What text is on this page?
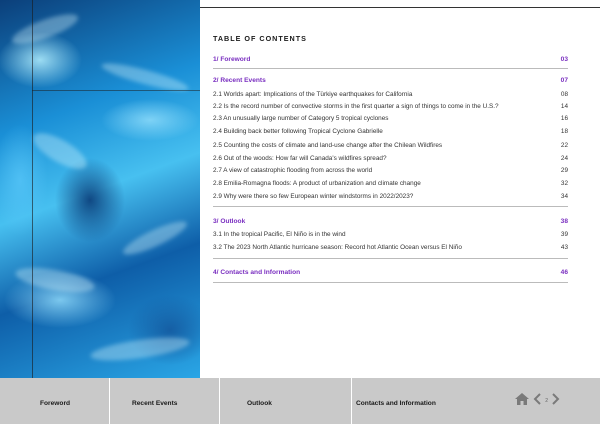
TABLE OF CONTENTS
1/ Foreword	03
2/ Recent Events	07
2.1 Worlds apart: Implications of the Türkiye earthquakes for California	08
2.2 Is the record number of convective storms in the first quarter a sign of things to come in the U.S.?	14
2.3 An unusually large number of Category 5 tropical cyclones	16
2.4 Building back better following Tropical Cyclone Gabrielle	18
2.5 Counting the costs of climate and land-use change after the Chilean Wildfires	22
2.6 Out of the woods: How far will Canada's wildfires spread?	24
2.7 A view of catastrophic flooding from across the world	29
2.8 Emilia-Romagna floods: A product of urbanization and climate change	32
2.9 Why were there so few European winter windstorms in 2022/2023?	34
3/ Outlook	38
3.1 In the tropical Pacific, El Niño is in the wind	39
3.2 The 2023 North Atlantic hurricane season: Record hot Atlantic Ocean versus El Niño	43
4/ Contacts and Information	46
Foreword	Recent Events	Outlook	Contacts and Information	2
